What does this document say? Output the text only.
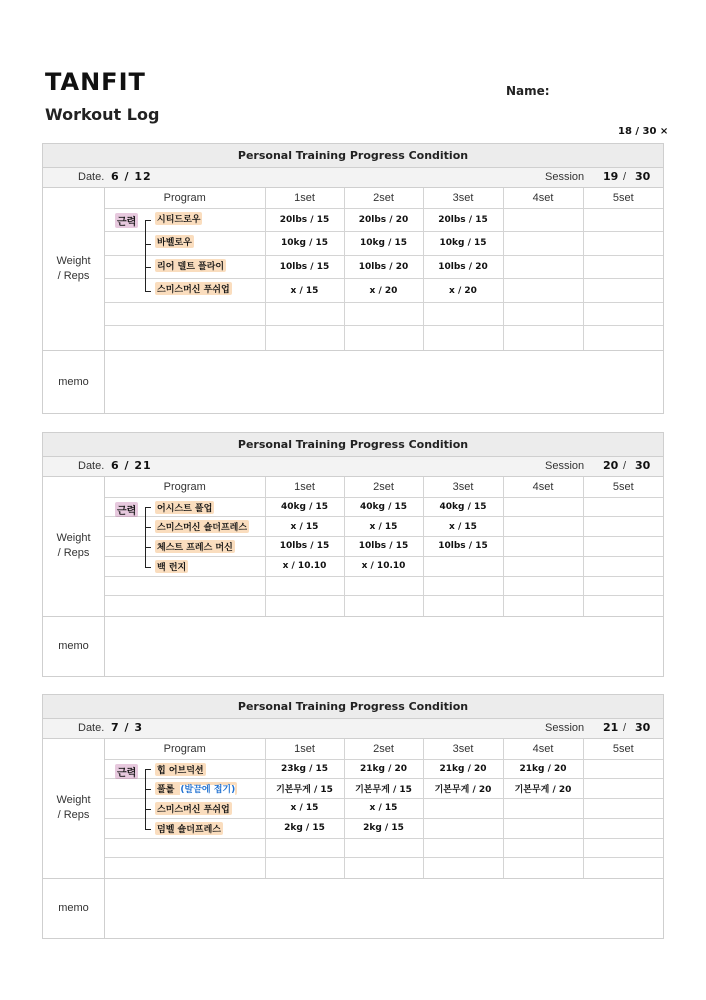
TANFIT
Workout Log
Name:
18 / 30 ×
Personal Training Progress Condition
Date. 6 / 12	Session 19 / 30
Weight
/ Reps
Program	1set	2set	3set	4set	5set

근력 시티드로우	20lbs / 15	20lbs / 20	20lbs / 15		

바벨로우	10kg / 15	10kg / 15	10kg / 15		

리어 델트 플라이	10lbs / 15	10lbs / 20	10lbs / 20		

스미스머신 푸쉬업	x / 15	x / 20	x / 20		

memo
Personal Training Progress Condition
Date. 6 / 21	Session 20 / 30
Weight
/ Reps
Program	1set	2set	3set	4set	5set

근력 어시스트 풀업	40kg / 15	40kg / 15	40kg / 15		

스미스머신 숄더프레스	x / 15	x / 15	x / 15		

체스트 프레스 머신	10lbs / 15	10lbs / 15	10lbs / 15		

백 런지	x / 10.10	x / 10.10			

memo
Personal Training Progress Condition
Date. 7 / 3	Session 21 / 30
Weight
/ Reps
Program	1set	2set	3set	4set	5set

근력 힙 어브덕션	23kg / 15	21kg / 20	21kg / 20	21kg / 20	

풀롤 (발끝에 접기)	기본무게 / 15	기본무게 / 15	기본무게 / 20	기본무게 / 20	

스미스머신 푸쉬업	x / 15	x / 15			

덤벨 숄더프레스	2kg / 15	2kg / 15			

memo
